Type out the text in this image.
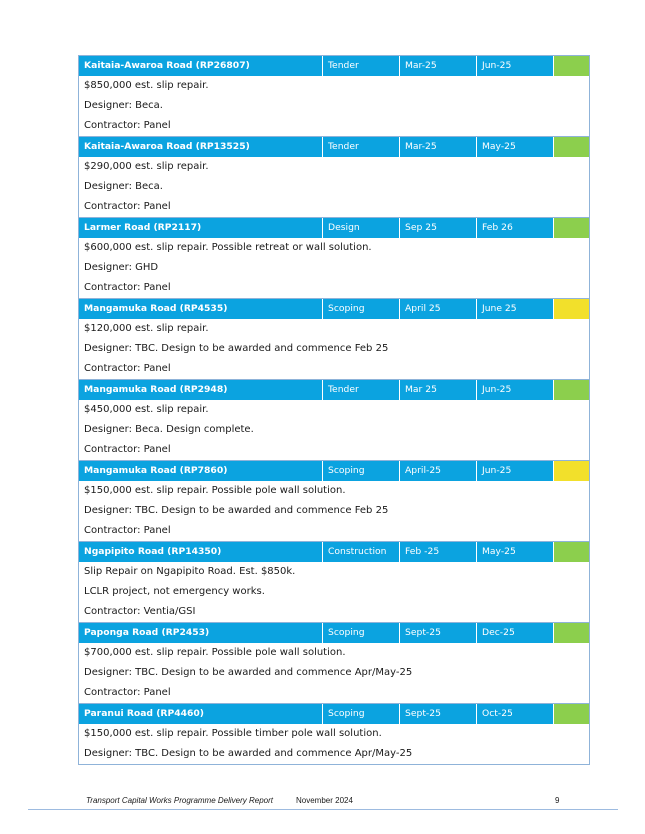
Kaitaia-Awaroa Road (RP26807)	Tender	Mar-25	Jun-25
$850,000 est. slip repair.
Designer: Beca.
Contractor: Panel
Kaitaia-Awaroa Road (RP13525)	Tender	Mar-25	May-25
$290,000 est. slip repair.
Designer: Beca.
Contractor: Panel
Larmer Road (RP2117)	Design	Sep 25	Feb 26
$600,000 est. slip repair. Possible retreat or wall solution.
Designer: GHD
Contractor: Panel
Mangamuka Road (RP4535)	Scoping	April 25	June 25
$120,000 est. slip repair.
Designer: TBC. Design to be awarded and commence Feb 25
Contractor: Panel
Mangamuka Road (RP2948)	Tender	Mar 25	Jun-25
$450,000 est. slip repair.
Designer: Beca. Design complete.
Contractor: Panel
Mangamuka Road (RP7860)	Scoping	April-25	Jun-25
$150,000 est. slip repair. Possible pole wall solution.
Designer: TBC. Design to be awarded and commence Feb 25
Contractor: Panel
Ngapipito Road (RP14350)	Construction	Feb -25	May-25
Slip Repair on Ngapipito Road. Est. $850k.
LCLR project, not emergency works.
Contractor: Ventia/GSI
Paponga Road (RP2453)	Scoping	Sept-25	Dec-25
$700,000 est. slip repair. Possible pole wall solution.
Designer: TBC. Design to be awarded and commence Apr/May-25
Contractor: Panel
Paranui Road (RP4460)	Scoping	Sept-25	Oct-25
$150,000 est. slip repair. Possible timber pole wall solution.
Designer: TBC. Design to be awarded and commence Apr/May-25
Transport Capital Works Programme Delivery Report	November 2024	9
